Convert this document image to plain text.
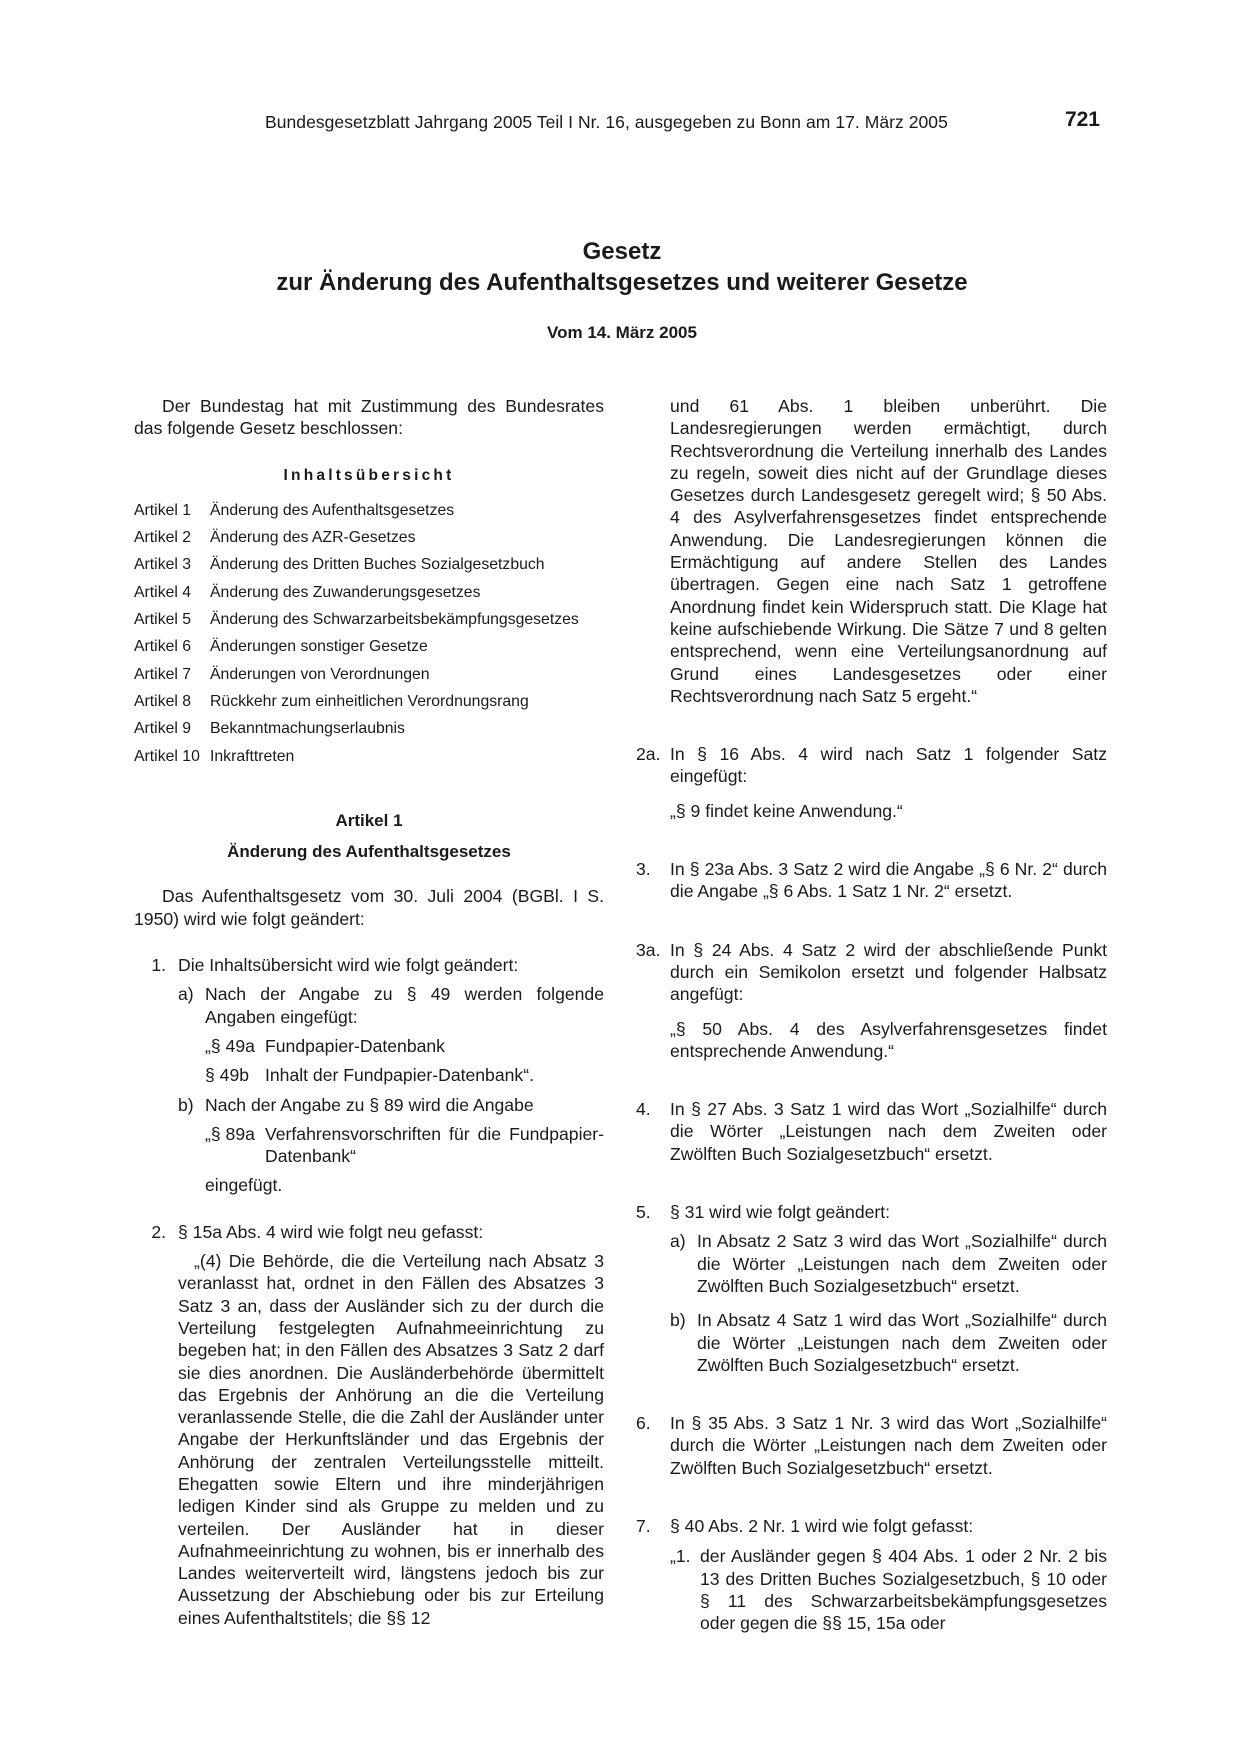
Bundesgesetzblatt Jahrgang 2005 Teil I Nr. 16, ausgegeben zu Bonn am 17. März 2005	721
Gesetz
zur Änderung des Aufenthaltsgesetzes und weiterer Gesetze
Vom 14. März 2005
Der Bundestag hat mit Zustimmung des Bundesrates das folgende Gesetz beschlossen:
Inhaltsübersicht
Artikel 1	Änderung des Aufenthaltsgesetzes
Artikel 2	Änderung des AZR-Gesetzes
Artikel 3	Änderung des Dritten Buches Sozialgesetzbuch
Artikel 4	Änderung des Zuwanderungsgesetzes
Artikel 5	Änderung des Schwarzarbeitsbekämpfungsgesetzes
Artikel 6	Änderungen sonstiger Gesetze
Artikel 7	Änderungen von Verordnungen
Artikel 8	Rückkehr zum einheitlichen Verordnungsrang
Artikel 9	Bekanntmachungserlaubnis
Artikel 10 Inkrafttreten
Artikel 1
Änderung des Aufenthaltsgesetzes
Das Aufenthaltsgesetz vom 30. Juli 2004 (BGBl. I S. 1950) wird wie folgt geändert:
1. Die Inhaltsübersicht wird wie folgt geändert:
a) Nach der Angabe zu § 49 werden folgende Angaben eingefügt:
„§ 49a Fundpapier-Datenbank
§ 49b Inhalt der Fundpapier-Datenbank“.
b) Nach der Angabe zu § 89 wird die Angabe
„§ 89a Verfahrensvorschriften für die Fundpapier-Datenbank“
eingefügt.
2. § 15a Abs. 4 wird wie folgt neu gefasst:
„(4) Die Behörde, die die Verteilung nach Absatz 3 veranlasst hat, ordnet in den Fällen des Absatzes 3 Satz 3 an, dass der Ausländer sich zu der durch die Verteilung festgelegten Aufnahmeeinrichtung zu begeben hat; in den Fällen des Absatzes 3 Satz 2 darf sie dies anordnen. Die Ausländerbehörde übermittelt das Ergebnis der Anhörung an die die Verteilung veranlassende Stelle, die die Zahl der Ausländer unter Angabe der Herkunftsländer und das Ergebnis der Anhörung der zentralen Verteilungsstelle mitteilt. Ehegatten sowie Eltern und ihre minderjährigen ledigen Kinder sind als Gruppe zu melden und zu verteilen. Der Ausländer hat in dieser Aufnahmeeinrichtung zu wohnen, bis er innerhalb des Landes weiterverteilt wird, längstens jedoch bis zur Aussetzung der Abschiebung oder bis zur Erteilung eines Aufenthaltstitels; die §§ 12
und 61 Abs. 1 bleiben unberührt. Die Landesregierungen werden ermächtigt, durch Rechtsverordnung die Verteilung innerhalb des Landes zu regeln, soweit dies nicht auf der Grundlage dieses Gesetzes durch Landesgesetz geregelt wird; § 50 Abs. 4 des Asylverfahrensgesetzes findet entsprechende Anwendung. Die Landesregierungen können die Ermächtigung auf andere Stellen des Landes übertragen. Gegen eine nach Satz 1 getroffene Anordnung findet kein Widerspruch statt. Die Klage hat keine aufschiebende Wirkung. Die Sätze 7 und 8 gelten entsprechend, wenn eine Verteilungsanordnung auf Grund eines Landesgesetzes oder einer Rechtsverordnung nach Satz 5 ergeht.“
2a. In § 16 Abs. 4 wird nach Satz 1 folgender Satz eingefügt:
„§ 9 findet keine Anwendung.“
3.	In § 23a Abs. 3 Satz 2 wird die Angabe „§ 6 Nr. 2“ durch die Angabe „§ 6 Abs. 1 Satz 1 Nr. 2“ ersetzt.
3a. In § 24 Abs. 4 Satz 2 wird der abschließende Punkt durch ein Semikolon ersetzt und folgender Halbsatz angefügt:
„§ 50 Abs. 4 des Asylverfahrensgesetzes findet entsprechende Anwendung.“
4.	In § 27 Abs. 3 Satz 1 wird das Wort „Sozialhilfe“ durch die Wörter „Leistungen nach dem Zweiten oder Zwölften Buch Sozialgesetzbuch“ ersetzt.
5.	§ 31 wird wie folgt geändert:
a) In Absatz 2 Satz 3 wird das Wort „Sozialhilfe“ durch die Wörter „Leistungen nach dem Zweiten oder Zwölften Buch Sozialgesetzbuch“ ersetzt.
b) In Absatz 4 Satz 1 wird das Wort „Sozialhilfe“ durch die Wörter „Leistungen nach dem Zweiten oder Zwölften Buch Sozialgesetzbuch“ ersetzt.
6.	In § 35 Abs. 3 Satz 1 Nr. 3 wird das Wort „Sozialhilfe“ durch die Wörter „Leistungen nach dem Zweiten oder Zwölften Buch Sozialgesetzbuch“ ersetzt.
7.	§ 40 Abs. 2 Nr. 1 wird wie folgt gefasst:
„1. der Ausländer gegen § 404 Abs. 1 oder 2 Nr. 2 bis 13 des Dritten Buches Sozialgesetzbuch, § 10 oder § 11 des Schwarzarbeitsbekämpfungsgesetzes oder gegen die §§ 15, 15a oder
